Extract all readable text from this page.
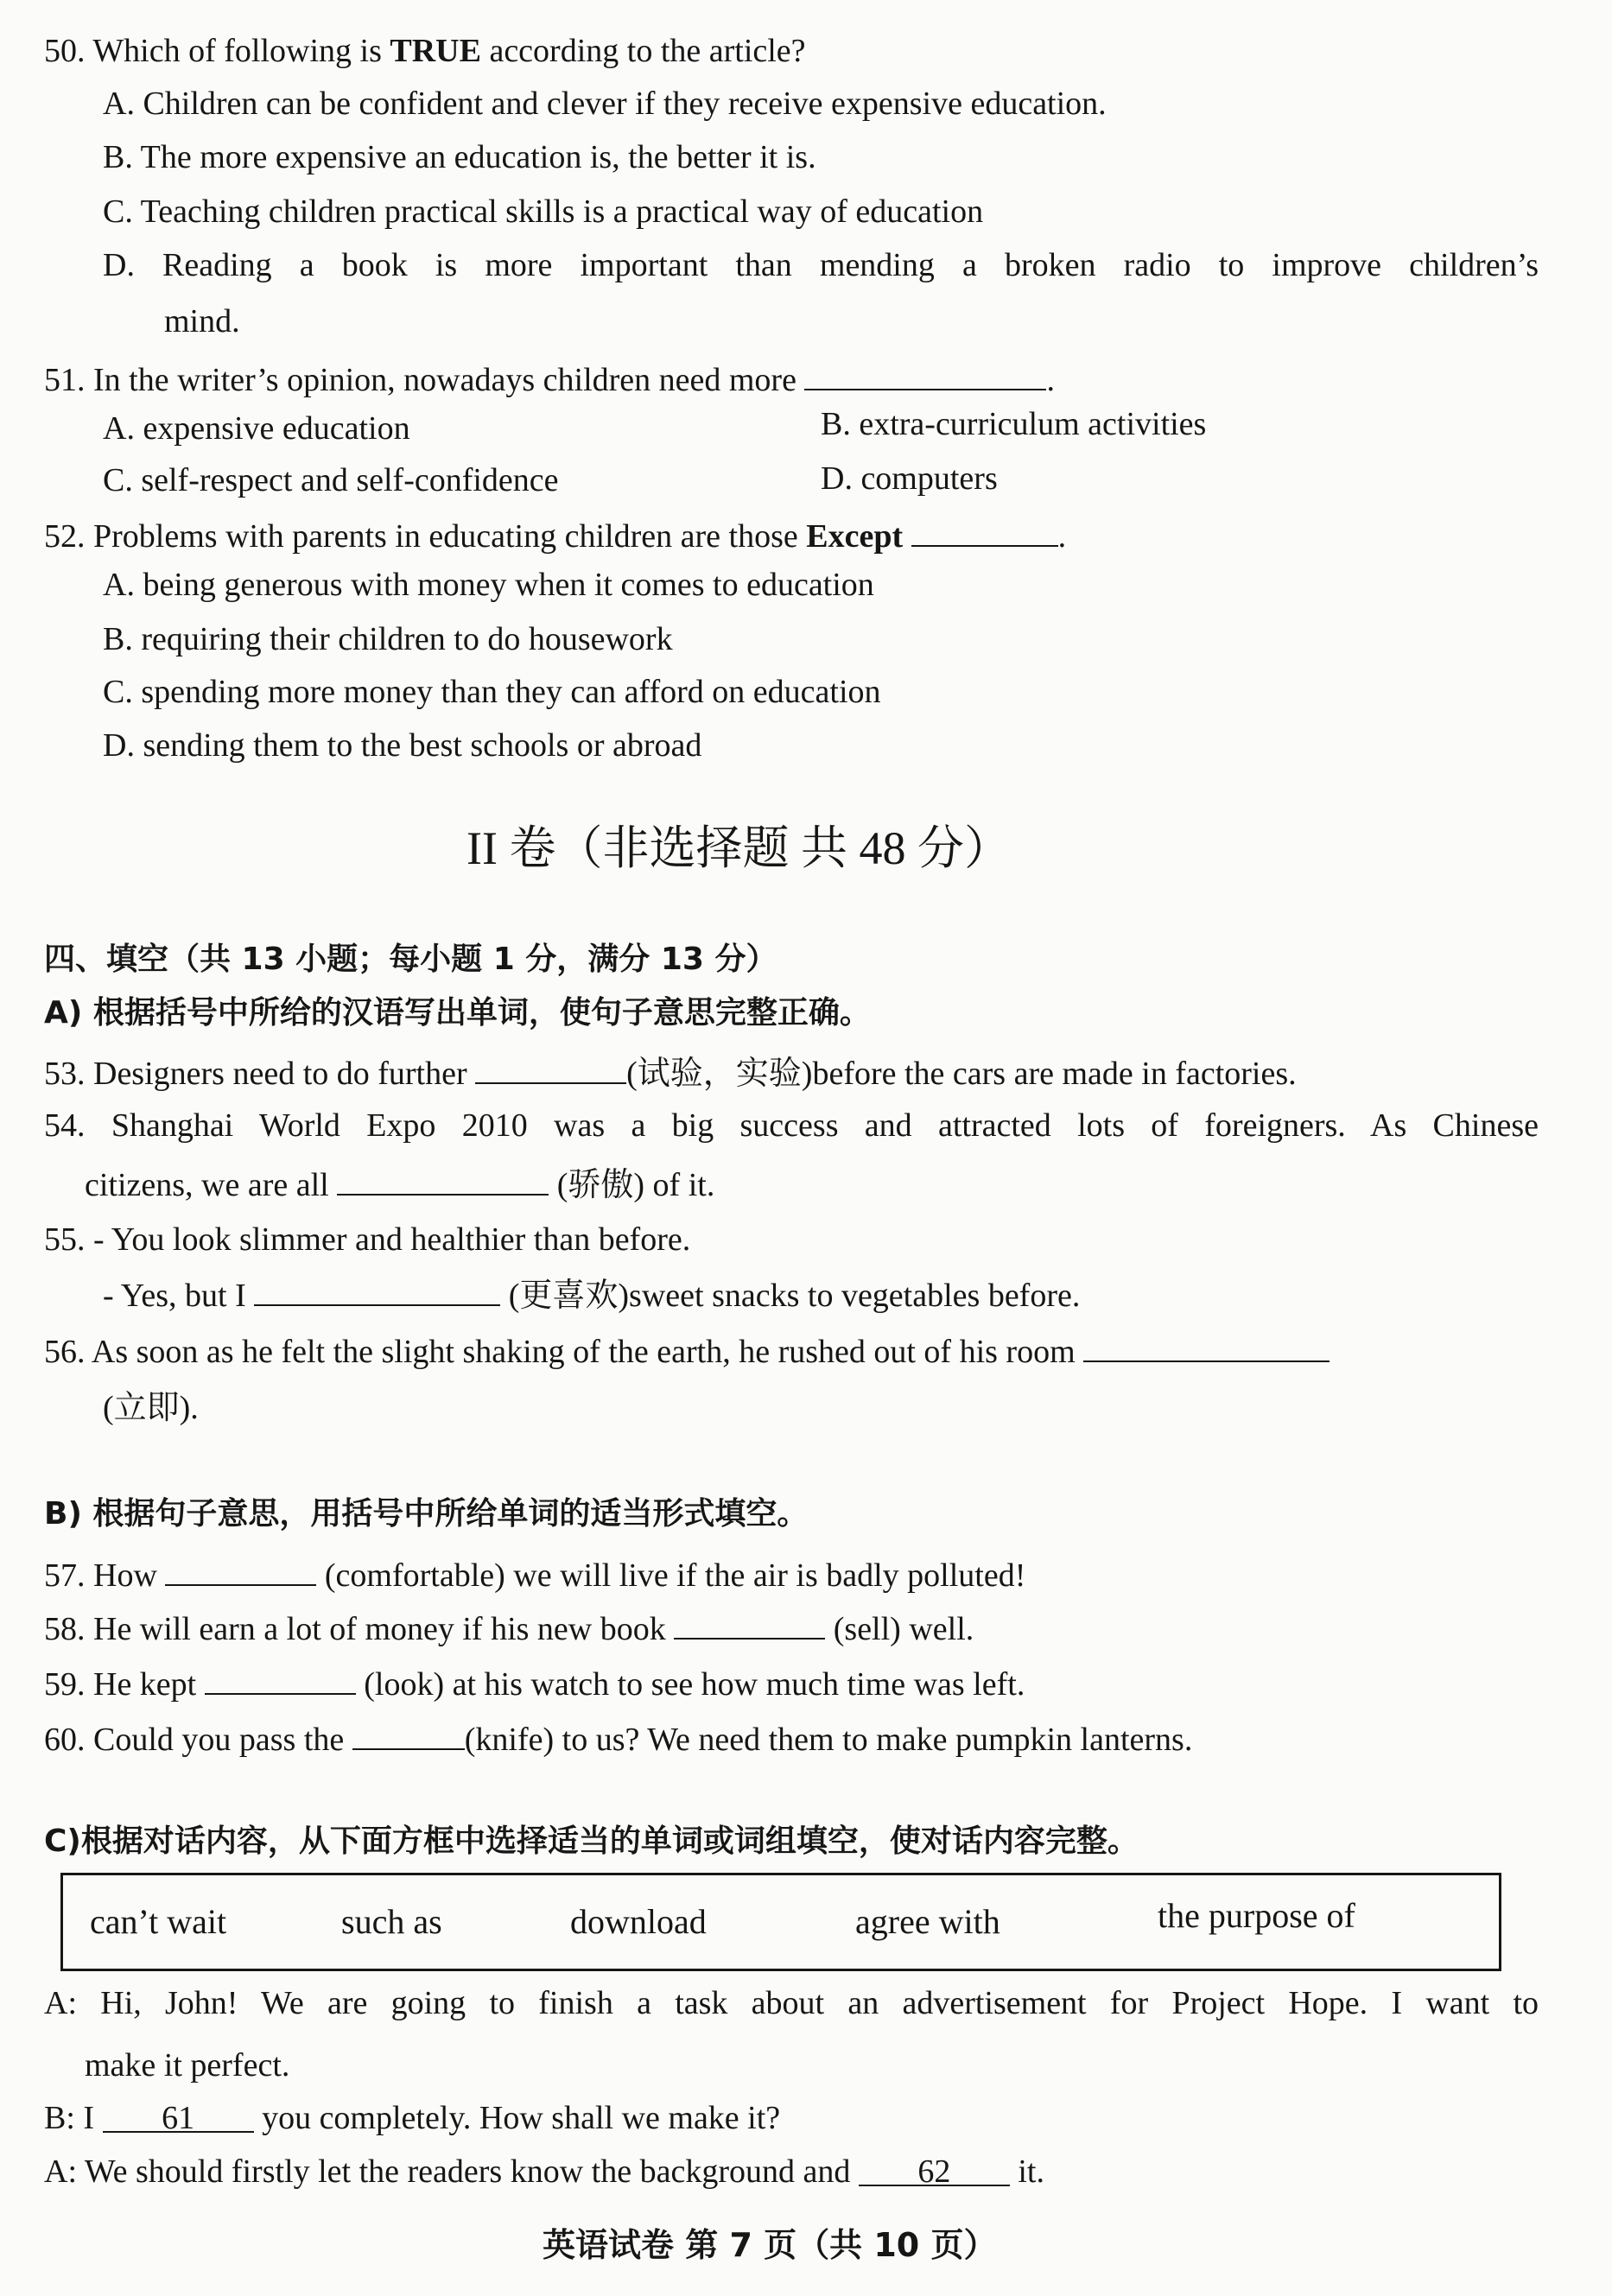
50. Which of following is TRUE according to the article?
A. Children can be confident and clever if they receive expensive education.
B. The more expensive an education is, the better it is.
C. Teaching children practical skills is a practical way of education
D. Reading a book is more important than mending a broken radio to improve children’s
mind.
51. In the writer’s opinion, nowadays children need more	.
A. expensive education	B. extra-curriculum activities
C. self-respect and self-confidence	D. computers
52. Problems with parents in educating children are those Except	.
A. being generous with money when it comes to education
B. requiring their children to do housework
C. spending more money than they can afford on education
D. sending them to the best schools or abroad
II 卷（非选择题 共 48 分）
四、填空（共 13 小题；每小题 1 分，满分 13 分）
A) 根据括号中所给的汉语写出单词，使句子意思完整正确。
53. Designers need to do further	(试验，实验)before the cars are made in factories.
54. Shanghai World Expo 2010 was a big success and attracted lots of foreigners. As Chinese
citizens, we are all	(骄傲) of it.
55. - You look slimmer and healthier than before.
- Yes, but I	(更喜欢)sweet snacks to vegetables before.
56. As soon as he felt the slight shaking of the earth, he rushed out of his room
(立即).
B) 根据句子意思，用括号中所给单词的适当形式填空。
57. How	(comfortable) we will live if the air is badly polluted!
58. He will earn a lot of money if his new book	(sell) well.
59. He kept	(look) at his watch to see how much time was left.
60. Could you pass the	(knife) to us? We need them to make pumpkin lanterns.
C)根据对话内容，从下面方框中选择适当的单词或词组填空，使对话内容完整。
can’t wait	such as	download	agree with	the purpose of
A: Hi, John! We are going to finish a task about an advertisement for Project Hope. I want to
make it perfect.
B: I 61 you completely. How shall we make it?
A: We should firstly let the readers know the background and 62 it.
英语试卷 第 7 页（共 10 页）
